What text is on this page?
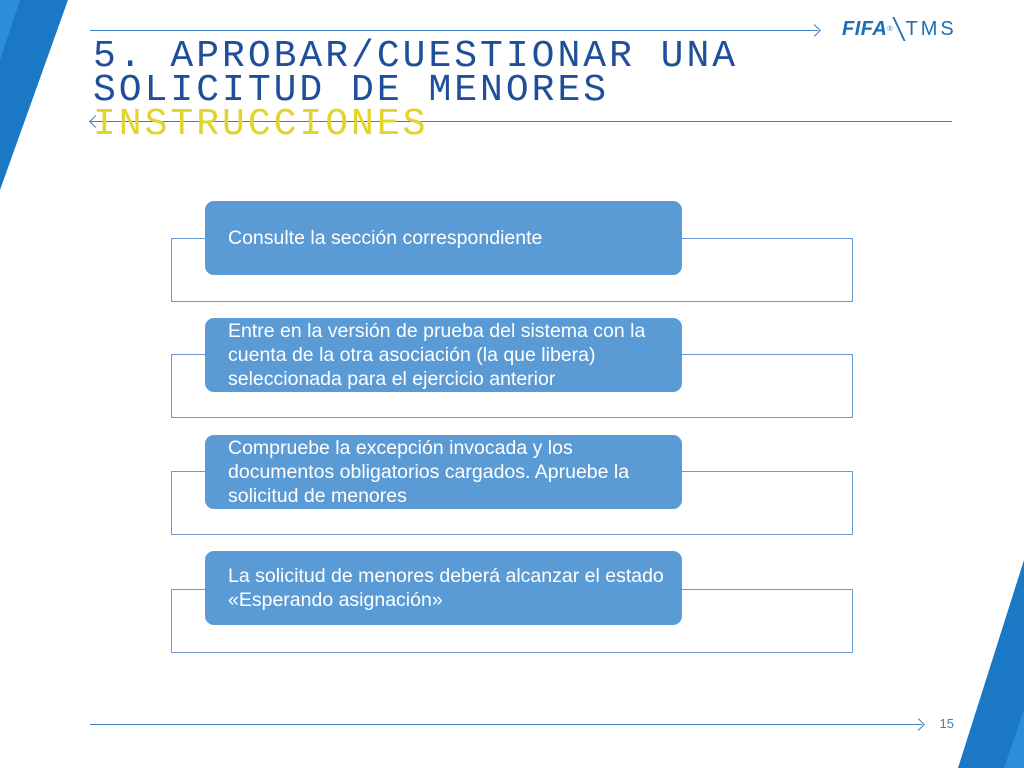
FIFA ® TMS
5. APROBAR/CUESTIONAR UNA
SOLICITUD DE MENORES
INSTRUCCIONES
Consulte la sección correspondiente
Entre en la versión de prueba del sistema con la cuenta de la otra asociación (la que libera) seleccionada para el ejercicio anterior
Compruebe la excepción invocada y los documentos obligatorios cargados. Apruebe la solicitud de menores
La solicitud de menores deberá alcanzar el estado «Esperando asignación»
15
